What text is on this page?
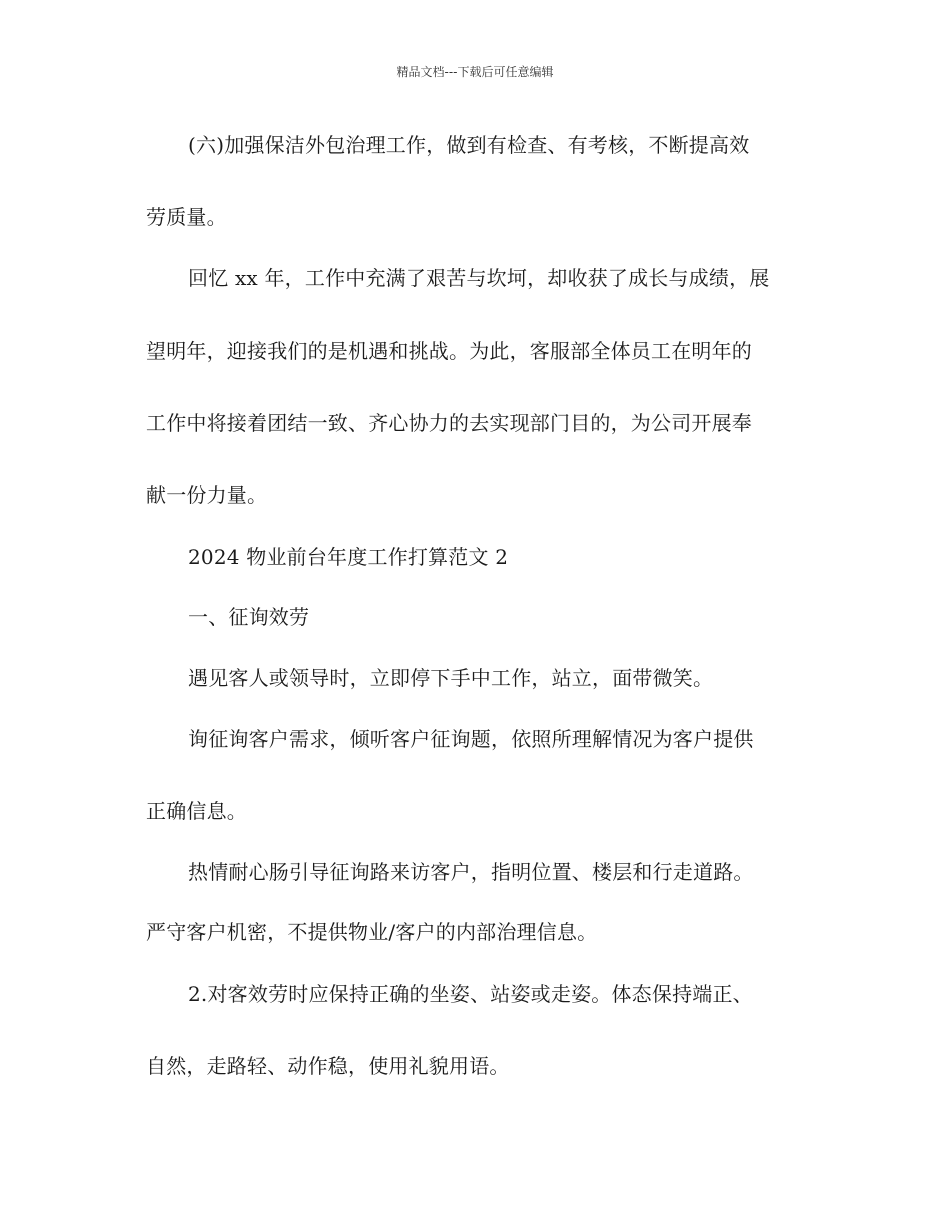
精品文档---下载后可任意编辑
(六)加强保洁外包治理工作，做到有检查、有考核，不断提高效
劳质量。
回忆 xx 年，工作中充满了艰苦与坎坷，却收获了成长与成绩，展
望明年，迎接我们的是机遇和挑战。为此，客服部全体员工在明年的
工作中将接着团结一致、齐心协力的去实现部门目的，为公司开展奉
献一份力量。
2024 物业前台年度工作打算范文 2
一、征询效劳
遇见客人或领导时，立即停下手中工作，站立，面带微笑。
询征询客户需求，倾听客户征询题，依照所理解情况为客户提供
正确信息。
热情耐心肠引导征询路来访客户，指明位置、楼层和行走道路。
严守客户机密，不提供物业/客户的内部治理信息。
2.对客效劳时应保持正确的坐姿、站姿或走姿。体态保持端正、
自然，走路轻、动作稳，使用礼貌用语。
